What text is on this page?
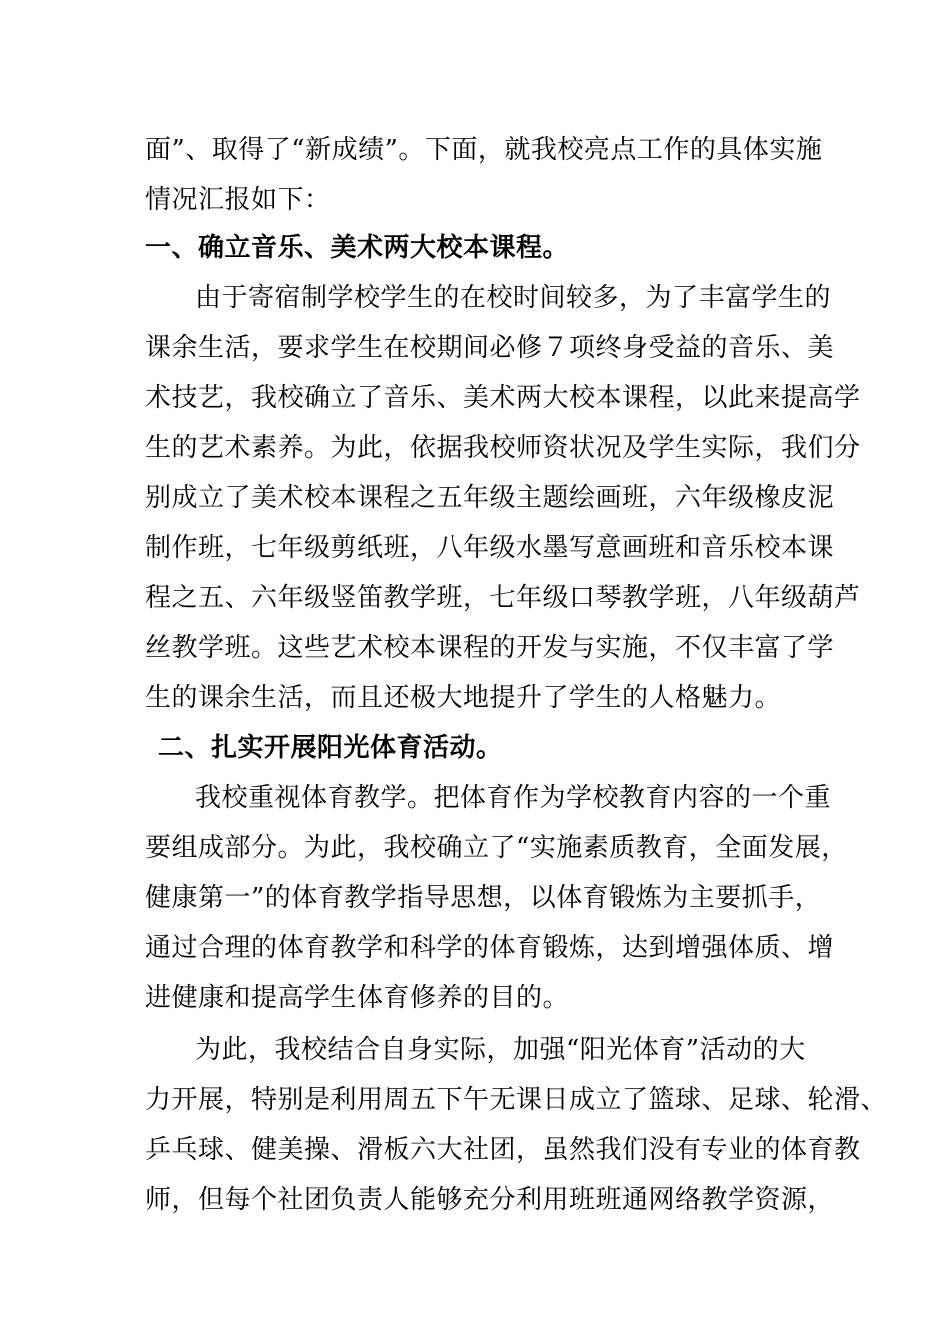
面”、取得了“新成绩”。下面，就我校亮点工作的具体实施
情况汇报如下：
一、确立音乐、美术两大校本课程。
由于寄宿制学校学生的在校时间较多，为了丰富学生的
课余生活，要求学生在校期间必修７项终身受益的音乐、美
术技艺，我校确立了音乐、美术两大校本课程，以此来提高学
生的艺术素养。为此，依据我校师资状况及学生实际，我们分
别成立了美术校本课程之五年级主题绘画班，六年级橡皮泥
制作班，七年级剪纸班，八年级水墨写意画班和音乐校本课
程之五、六年级竖笛教学班，七年级口琴教学班，八年级葫芦
丝教学班。这些艺术校本课程的开发与实施，不仅丰富了学
生的课余生活，而且还极大地提升了学生的人格魅力。
二、扎实开展阳光体育活动。
我校重视体育教学。把体育作为学校教育内容的一个重
要组成部分。为此，我校确立了“实施素质教育，全面发展，
健康第一”的体育教学指导思想，以体育锻炼为主要抓手，
通过合理的体育教学和科学的体育锻炼，达到增强体质、增
进健康和提高学生体育修养的目的。
为此，我校结合自身实际，加强“阳光体育”活动的大
力开展，特别是利用周五下午无课日成立了篮球、足球、轮滑、
乒乓球、健美操、滑板六大社团，虽然我们没有专业的体育教
师，但每个社团负责人能够充分利用班班通网络教学资源，
